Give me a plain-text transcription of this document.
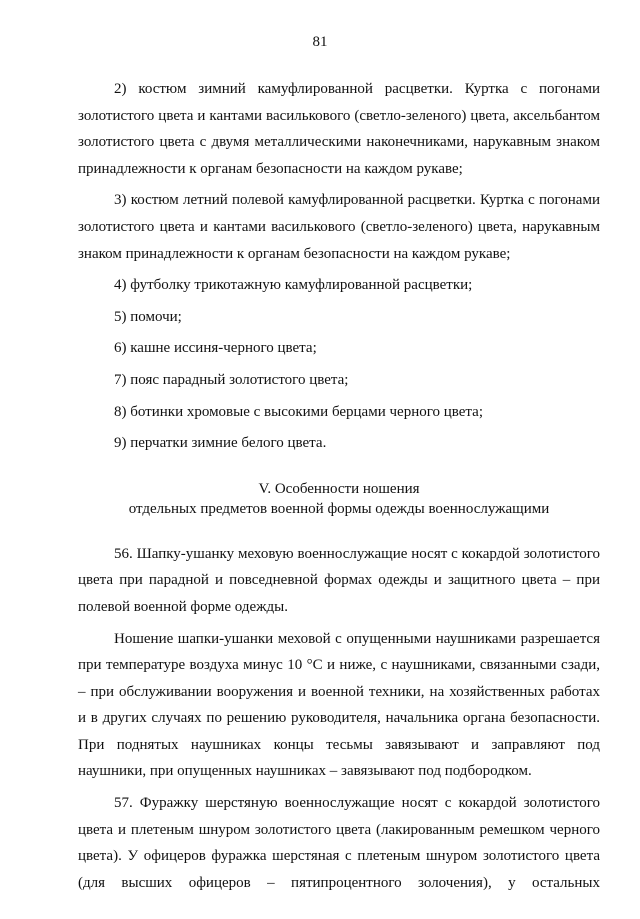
81

2) костюм зимний камуфлированной расцветки. Куртка с погонами золотистого цвета и кантами василькового (светло-зеленого) цвета, аксельбантом золотистого цвета с двумя металлическими наконечниками, нарукавным знаком принадлежности к органам безопасности на каждом рукаве;

3) костюм летний полевой камуфлированной расцветки. Куртка с погонами золотистого цвета и кантами василькового (светло-зеленого) цвета, нарукавным знаком принадлежности к органам безопасности на каждом рукаве;

4) футболку трикотажную камуфлированной расцветки;

5) помочи;

6) кашне иссиня-черного цвета;

7) пояс парадный золотистого цвета;

8) ботинки хромовые с высокими берцами черного цвета;

9) перчатки зимние белого цвета.

V. Особенности ношения
отдельных предметов военной формы одежды военнослужащими

56. Шапку-ушанку меховую военнослужащие носят с кокардой золотистого цвета при парадной и повседневной формах одежды и защитного цвета – при полевой военной форме одежды.

Ношение шапки-ушанки меховой с опущенными наушниками разрешается при температуре воздуха минус 10 °С и ниже, с наушниками, связанными сзади, – при обслуживании вооружения и военной техники, на хозяйственных работах и в других случаях по решению руководителя, начальника органа безопасности. При поднятых наушниках концы тесьмы завязывают и заправляют под наушники, при опущенных наушниках – завязывают под подбородком.

57. Фуражку шерстяную военнослужащие носят с кокардой золотистого цвета и плетеным шнуром золотистого цвета (лакированным ремешком черного цвета). У офицеров фуражка шерстяная с плетеным шнуром золотистого цвета (для высших офицеров – пятипроцентного золочения), у остальных
